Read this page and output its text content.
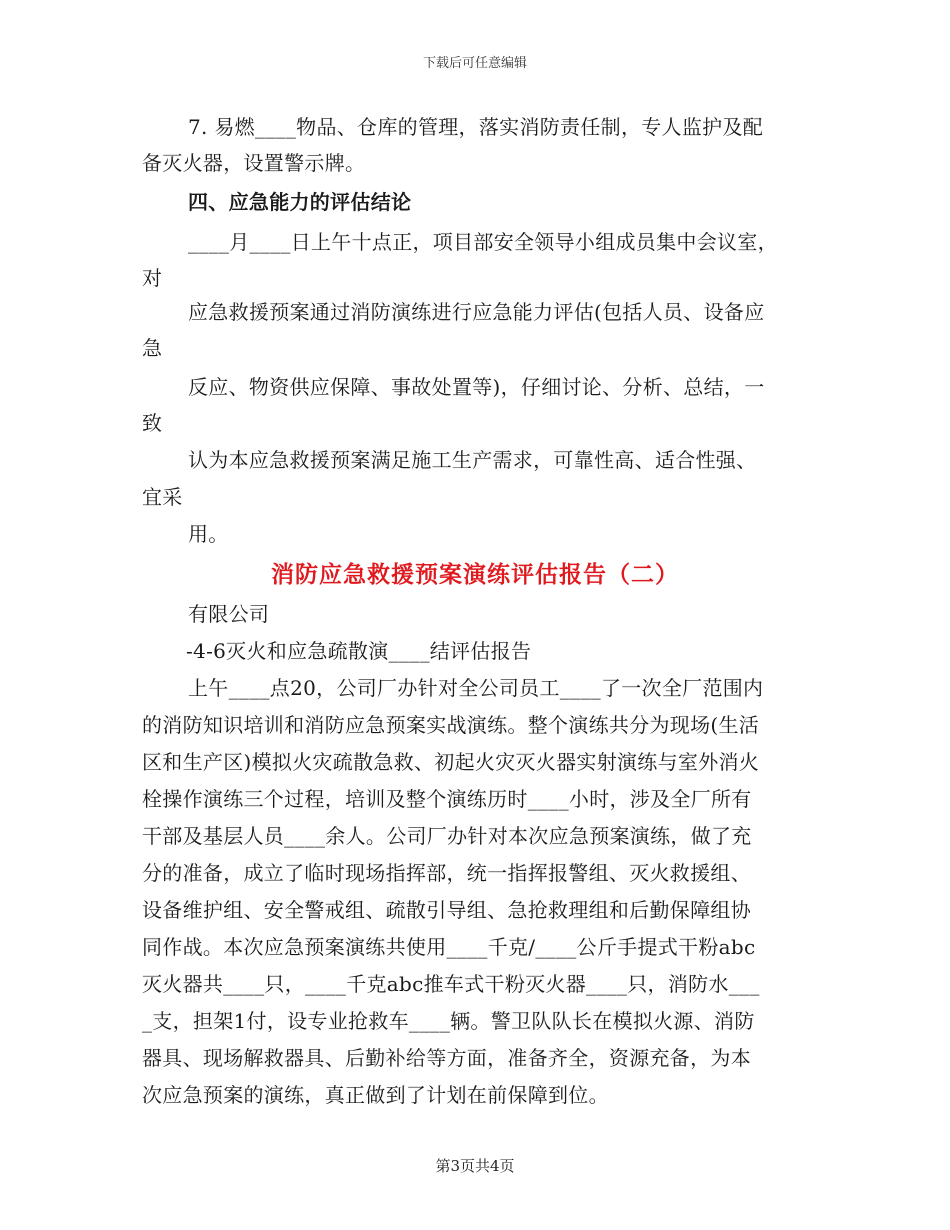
下载后可任意编辑
7. 易燃____物品、仓库的管理，落实消防责任制，专人监护及配
备灭火器，设置警示牌。
四、应急能力的评估结论
____月____日上午十点正，项目部安全领导小组成员集中会议室，
对
应急救援预案通过消防演练进行应急能力评估(包括人员、设备应
急
反应、物资供应保障、事故处置等)，仔细讨论、分析、总结，一
致
认为本应急救援预案满足施工生产需求，可靠性高、适合性强、
宜采
用。
消防应急救援预案演练评估报告（二）
有限公司
-4-6灭火和应急疏散演____结评估报告
上午____点20，公司厂办针对全公司员工____了一次全厂范围内
的消防知识培训和消防应急预案实战演练。整个演练共分为现场(生活
区和生产区)模拟火灾疏散急救、初起火灾灭火器实射演练与室外消火
栓操作演练三个过程，培训及整个演练历时____小时，涉及全厂所有
干部及基层人员____余人。公司厂办针对本次应急预案演练，做了充
分的准备，成立了临时现场指挥部，统一指挥报警组、灭火救援组、
设备维护组、安全警戒组、疏散引导组、急抢救理组和后勤保障组协
同作战。本次应急预案演练共使用____千克/____公斤手提式干粉abc
灭火器共____只，____千克abc推车式干粉灭火器____只，消防水___
_支，担架1付，设专业抢救车____辆。警卫队队长在模拟火源、消防
器具、现场解救器具、后勤补给等方面，准备齐全，资源充备，为本
次应急预案的演练，真正做到了计划在前保障到位。
第3页共4页
